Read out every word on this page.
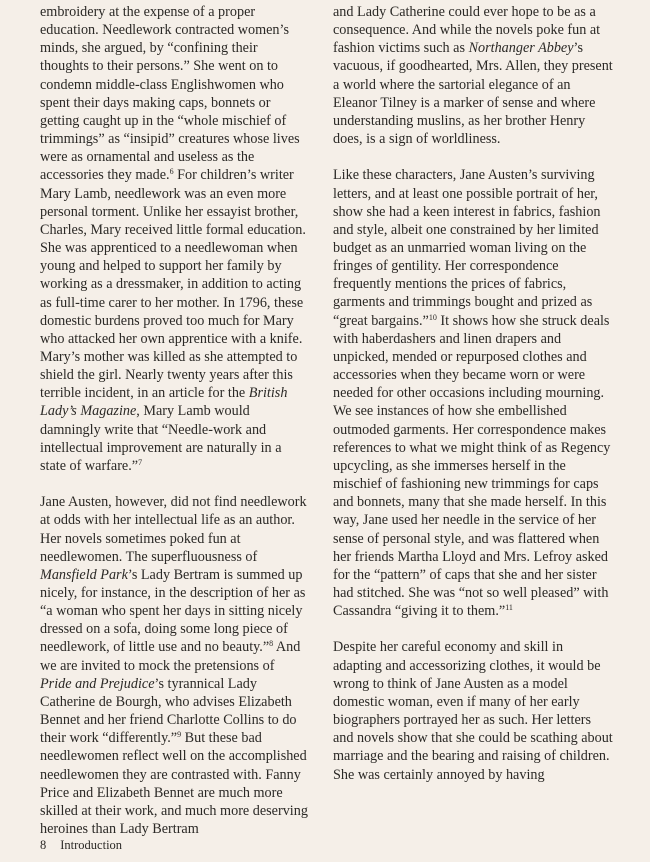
embroidery at the expense of a proper education. Needlework contracted women’s minds, she argued, by “confining their thoughts to their persons.” She went on to condemn middle-class Englishwomen who spent their days making caps, bonnets or getting caught up in the “whole mischief of trimmings” as “insipid” creatures whose lives were as ornamental and useless as the accessories they made.$^6$ For children’s writer Mary Lamb, needlework was an even more personal torment. Unlike her essayist brother, Charles, Mary received little formal education. She was apprenticed to a needlewoman when young and helped to support her family by working as a dressmaker, in addition to acting as full-time carer to her mother. In 1796, these domestic burdens proved too much for Mary who attacked her own apprentice with a knife. Mary’s mother was killed as she attempted to shield the girl. Nearly twenty years after this terrible incident, in an article for the British Lady’s Magazine, Mary Lamb would damningly write that “Needle-work and intellectual improvement are naturally in a state of warfare.”$^7$

Jane Austen, however, did not find needlework at odds with her intellectual life as an author. Her novels sometimes poked fun at needlewomen. The superfluousness of Mansfield Park’s Lady Bertram is summed up nicely, for instance, in the description of her as “a woman who spent her days in sitting nicely dressed on a sofa, doing some long piece of needlework, of little use and no beauty.”$^8$ And we are invited to mock the pretensions of Pride and Prejudice’s tyrannical Lady Catherine de Bourgh, who advises Elizabeth Bennet and her friend Charlotte Collins to do their work “differently.”$^9$ But these bad needlewomen reflect well on the accomplished needlewomen they are contrasted with. Fanny Price and Elizabeth Bennet are much more skilled at their work, and much more deserving heroines than Lady Bertram

and Lady Catherine could ever hope to be as a consequence. And while the novels poke fun at fashion victims such as Northanger Abbey’s vacuous, if goodhearted, Mrs. Allen, they present a world where the sartorial elegance of an Eleanor Tilney is a marker of sense and where understanding muslins, as her brother Henry does, is a sign of worldliness.

Like these characters, Jane Austen’s surviving letters, and at least one possible portrait of her, show she had a keen interest in fabrics, fashion and style, albeit one constrained by her limited budget as an unmarried woman living on the fringes of gentility. Her correspondence frequently mentions the prices of fabrics, garments and trimmings bought and prized as “great bargains.”$^{10}$ It shows how she struck deals with haberdashers and linen drapers and unpicked, mended or repurposed clothes and accessories when they became worn or were needed for other occasions including mourning. We see instances of how she embellished outmoded garments. Her correspondence makes references to what we might think of as Regency upcycling, as she immerses herself in the mischief of fashioning new trimmings for caps and bonnets, many that she made herself. In this way, Jane used her needle in the service of her sense of personal style, and was flattered when her friends Martha Lloyd and Mrs. Lefroy asked for the “pattern” of caps that she and her sister had stitched. She was “not so well pleased” with Cassandra “giving it to them.”$^{11}$

Despite her careful economy and skill in adapting and accessorizing clothes, it would be wrong to think of Jane Austen as a model domestic woman, even if many of her early biographers portrayed her as such. Her letters and novels show that she could be scathing about marriage and the bearing and raising of children. She was certainly annoyed by having

8 Introduction
